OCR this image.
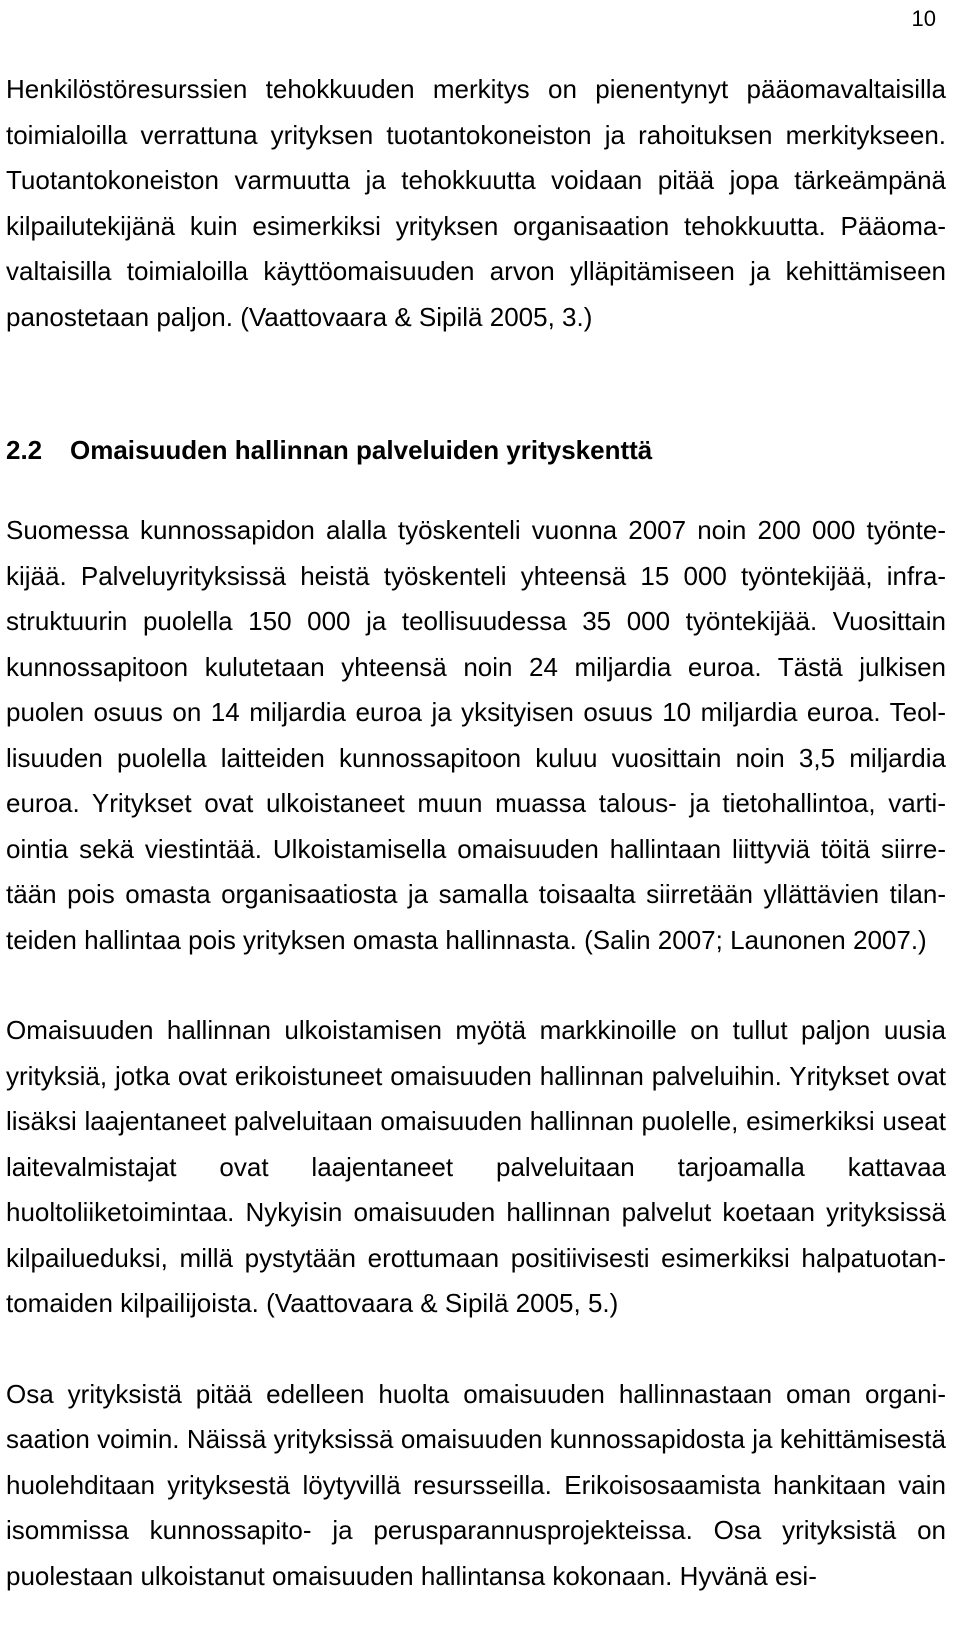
10

Henkilöstöresurssien tehokkuuden merkitys on pienentynyt pääomavaltaisilla toimialoilla verrattuna yrityksen tuotantokoneiston ja rahoituksen merkitykseen. Tuotantokoneiston varmuutta ja tehokkuutta voidaan pitää jopa tärkeämpänä kilpailutekijänä kuin esimerkiksi yrityksen organisaation tehokkuutta. Pääomavaltaisilla toimialoilla käyttöomaisuuden arvon ylläpitämiseen ja kehittämiseen panostetaan paljon. (Vaattovaara & Sipilä 2005, 3.)

2.2 Omaisuuden hallinnan palveluiden yrityskenttä

Suomessa kunnossapidon alalla työskenteli vuonna 2007 noin 200 000 työntekijää. Palveluyrityksissä heistä työskenteli yhteensä 15 000 työntekijää, infrastruktuurin puolella 150 000 ja teollisuudessa 35 000 työntekijää. Vuosittain kunnossapitoon kulutetaan yhteensä noin 24 miljardia euroa. Tästä julkisen puolen osuus on 14 miljardia euroa ja yksityisen osuus 10 miljardia euroa. Teollisuuden puolella laitteiden kunnossapitoon kuluu vuosittain noin 3,5 miljardia euroa. Yritykset ovat ulkoistaneet muun muassa talous- ja tietohallintoa, vartiointia sekä viestintää. Ulkoistamisella omaisuuden hallintaan liittyviä töitä siirretään pois omasta organisaatiosta ja samalla toisaalta siirretään yllättävien tilanteiden hallintaa pois yrityksen omasta hallinnasta. (Salin 2007; Launonen 2007.)

Omaisuuden hallinnan ulkoistamisen myötä markkinoille on tullut paljon uusia yrityksiä, jotka ovat erikoistuneet omaisuuden hallinnan palveluihin. Yritykset ovat lisäksi laajentaneet palveluitaan omaisuuden hallinnan puolelle, esimerkiksi useat laitevalmistajat ovat laajentaneet palveluitaan tarjoamalla kattavaa huoltoliiketoimintaa. Nykyisin omaisuuden hallinnan palvelut koetaan yrityksissä kilpailueduksi, millä pystytään erottumaan positiivisesti esimerkiksi halpatuotantomaiden kilpailijoista. (Vaattovaara & Sipilä 2005, 5.)

Osa yrityksistä pitää edelleen huolta omaisuuden hallinnastaan oman organisaation voimin. Näissä yrityksissä omaisuuden kunnossapidosta ja kehittämisestä huolehditaan yrityksestä löytyvillä resursseilla. Erikoisosaamista hankitaan vain isommissa kunnossapito- ja perusparannusprojekteissa. Osa yrityksistä on puolestaan ulkoistanut omaisuuden hallintansa kokonaan. Hyvänä esi-
